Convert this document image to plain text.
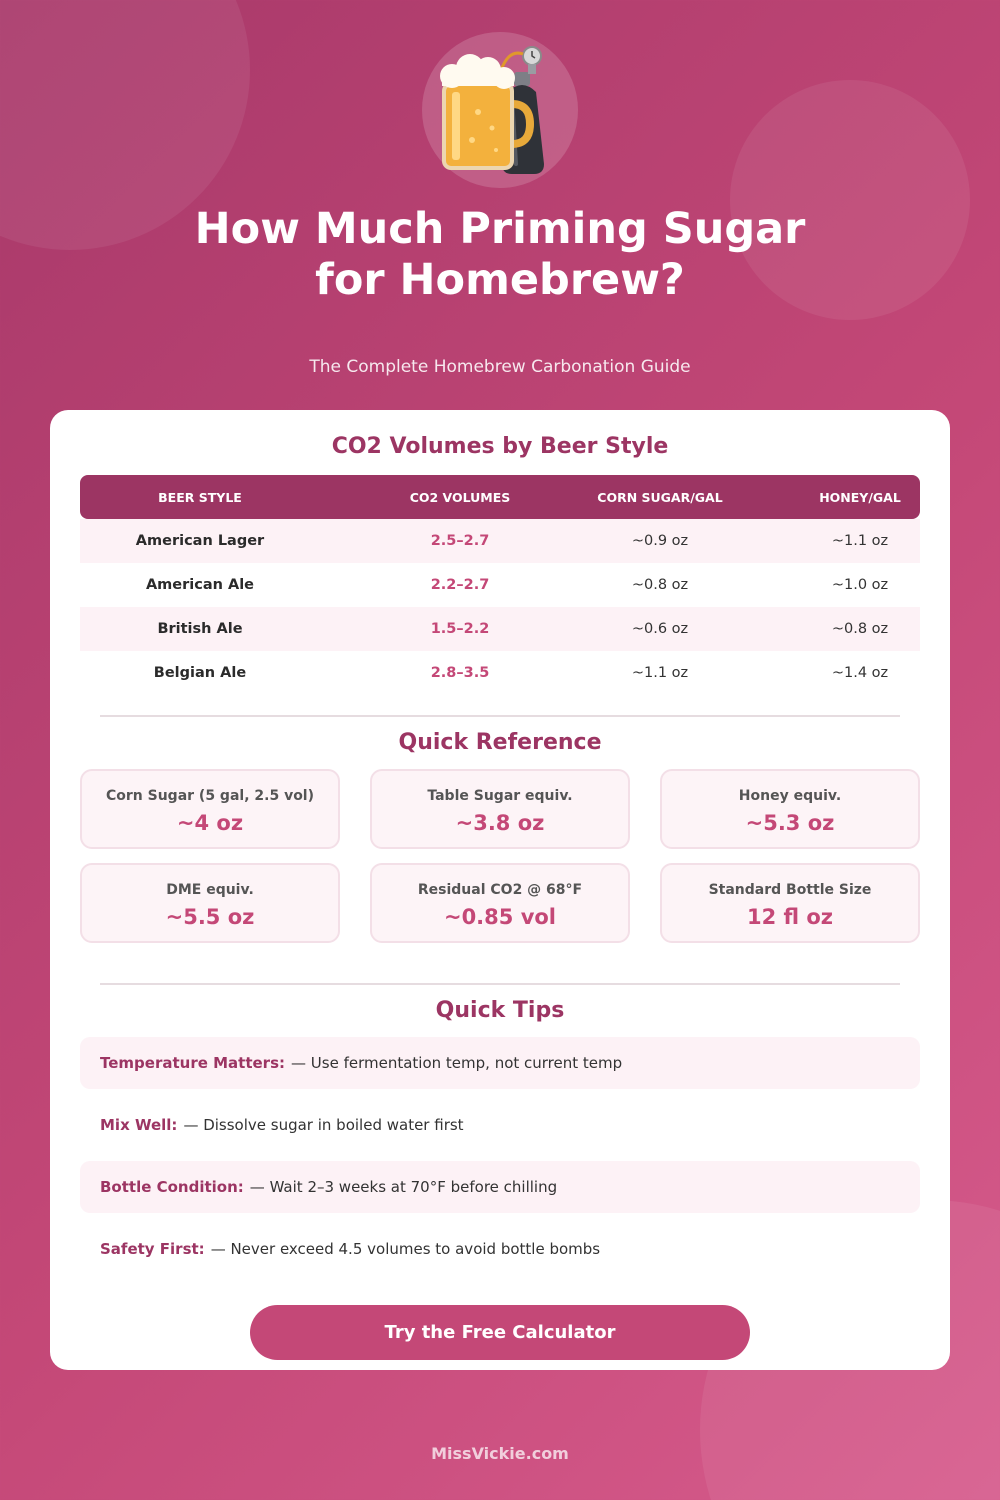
How Much Priming Sugar
for Homebrew?
The Complete Homebrew Carbonation Guide
CO2 Volumes by Beer Style
BEER STYLE	CO2 VOLUMES	CORN SUGAR/GAL	HONEY/GAL
American Lager	2.5–2.7	~0.9 oz	~1.1 oz
American Ale	2.2–2.7	~0.8 oz	~1.0 oz
British Ale	1.5–2.2	~0.6 oz	~0.8 oz
Belgian Ale	2.8–3.5	~1.1 oz	~1.4 oz
Quick Reference
Corn Sugar (5 gal, 2.5 vol)
~4 oz
Table Sugar equiv.
~3.8 oz
Honey equiv.
~5.3 oz
DME equiv.
~5.5 oz
Residual CO2 @ 68°F
~0.85 vol
Standard Bottle Size
12 fl oz
Quick Tips
Temperature Matters: — Use fermentation temp, not current temp
Mix Well: — Dissolve sugar in boiled water first
Bottle Condition: — Wait 2–3 weeks at 70°F before chilling
Safety First: — Never exceed 4.5 volumes to avoid bottle bombs
Try the Free Calculator
MissVickie.com
